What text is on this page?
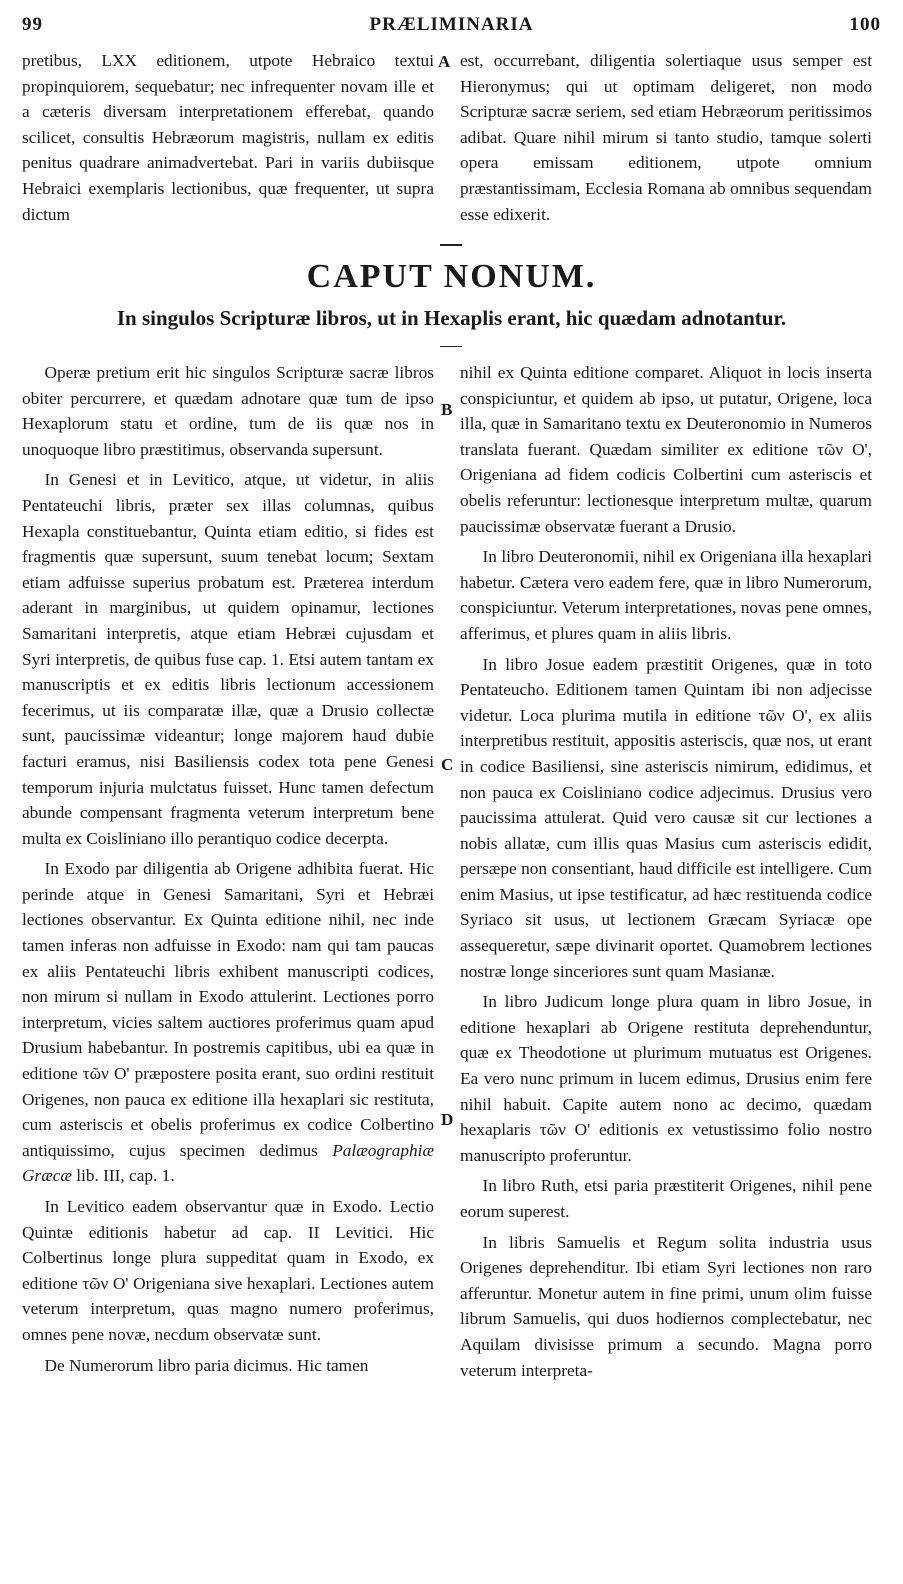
99	PRÆLIMINARIA	100

pretibus, LXX editionem, utpote Hebraico textui propinquiorem, sequebatur; nec infrequenter novam ille et a cæteris diversam interpretationem efferebat, quando scilicet, consultis Hebræorum magistris, nullam ex editis penitus quadrare animadvertebat. Pari in variis dubiisque Hebraici exemplaris lectionibus, quæ frequenter, ut supra dictum

est, occurrebant, diligentia solertiaque usus semper est Hieronymus; qui ut optimam deligeret, non modo Scripturæ sacræ seriem, sed etiam Hebræorum peritissimos adibat. Quare nihil mirum si tanto studio, tamque solerti opera emissam editionem, utpote omnium præstantissimam, Ecclesia Romana ab omnibus sequendam esse edixerit.

A
CAPUT NONUM.
In singulos Scripturæ libros, ut in Hexaplis erant, hic quædam adnotantur.

Operæ pretium erit hic singulos Scripturæ sacræ libros obiter percurrere, et quædam adnotare quæ tum de ipso Hexaplorum statu et ordine, tum de iis quæ nos in unoquoque libro præstitimus, observanda supersunt.

In Genesi et in Levitico, atque, ut videtur, in aliis Pentateuchi libris, præter sex illas columnas, quibus Hexapla constituebantur, Quinta etiam editio, si fides est fragmentis quæ supersunt, suum tenebat locum; Sextam etiam adfuisse superius probatum est. Præterea interdum aderant in marginibus, ut quidem opinamur, lectiones Samaritani interpretis, atque etiam Hebræi cujusdam et Syri interpretis, de quibus fuse cap. 1. Etsi autem tantam ex manuscriptis et ex editis libris lectionum accessionem fecerimus, ut iis comparatæ illæ, quæ a Drusio collectæ sunt, paucissimæ videantur; longe majorem haud dubie facturi eramus, nisi Basiliensis codex tota pene Genesi temporum injuria mulctatus fuisset. Hunc tamen defectum abunde compensant fragmenta veterum interpretum bene multa ex Coisliniano illo perantiquo codice decerpta.

In Exodo par diligentia ab Origene adhibita fuerat. Hic perinde atque in Genesi Samaritani, Syri et Hebræi lectiones observantur. Ex Quinta editione nihil, nec inde tamen inferas non adfuisse in Exodo: nam qui tam paucas ex aliis Pentateuchi libris exhibent manuscripti codices, non mirum si nullam in Exodo attulerint. Lectiones porro interpretum, vicies saltem auctiores proferimus quam apud Drusium habebantur. In postremis capitibus, ubi ea quæ in editione τῶν Ο' præpostere posita erant, suo ordini restituit Origenes, non pauca ex editione illa hexaplari sic restituta, cum asteriscis et obelis proferimus ex codice Colbertino antiquissimo, cujus specimen dedimus Palæographiæ Græcæ lib. III, cap. 1.

In Levitico eadem observantur quæ in Exodo. Lectio Quintæ editionis habetur ad cap. II Levitici. Hic Colbertinus longe plura suppeditat quam in Exodo, ex editione τῶν Ο' Origeniana sive hexaplari. Lectiones autem veterum interpretum, quas magno numero proferimus, omnes pene novæ, necdum observatæ sunt.

De Numerorum libro paria dicimus. Hic tamen

B
C
D

nihil ex Quinta editione comparet. Aliquot in locis inserta conspiciuntur, et quidem ab ipso, ut putatur, Origene, loca illa, quæ in Samaritano textu ex Deuteronomio in Numeros translata fuerant. Quædam similiter ex editione τῶν Ο', Origeniana ad fidem codicis Colbertini cum asteriscis et obelis referuntur: lectionesque interpretum multæ, quarum paucissimæ observatæ fuerant a Drusio.

In libro Deuteronomii, nihil ex Origeniana illa hexaplari habetur. Cætera vero eadem fere, quæ in libro Numerorum, conspiciuntur. Veterum interpretationes, novas pene omnes, afferimus, et plures quam in aliis libris.

In libro Josue eadem præstitit Origenes, quæ in toto Pentateucho. Editionem tamen Quintam ibi non adjecisse videtur. Loca plurima mutila in editione τῶν Ο', ex aliis interpretibus restituit, appositis asteriscis, quæ nos, ut erant in codice Basiliensi, sine asteriscis nimirum, edidimus, et non pauca ex Coisliniano codice adjecimus. Drusius vero paucissima attulerat. Quid vero causæ sit cur lectiones a nobis allatæ, cum illis quas Masius cum asteriscis edidit, persæpe non consentiant, haud difficile est intelligere. Cum enim Masius, ut ipse testificatur, ad hæc restituenda codice Syriaco sit usus, ut lectionem Græcam Syriacæ ope assequeretur, sæpe divinarit oportet. Quamobrem lectiones nostræ longe sinceriores sunt quam Masianæ.

In libro Judicum longe plura quam in libro Josue, in editione hexaplari ab Origene restituta deprehenduntur, quæ ex Theodotione ut plurimum mutuatus est Origenes. Ea vero nunc primum in lucem edimus, Drusius enim fere nihil habuit. Capite autem nono ac decimo, quædam hexaplaris τῶν Ο' editionis ex vetustissimo folio nostro manuscripto proferuntur.

In libro Ruth, etsi paria præstiterit Origenes, nihil pene eorum superest.

In libris Samuelis et Regum solita industria usus Origenes deprehenditur. Ibi etiam Syri lectiones non raro afferuntur. Monetur autem in fine primi, unum olim fuisse librum Samuelis, qui duos hodiernos complectebatur, nec Aquilam divisisse primum a secundo. Magna porro veterum interpreta-
